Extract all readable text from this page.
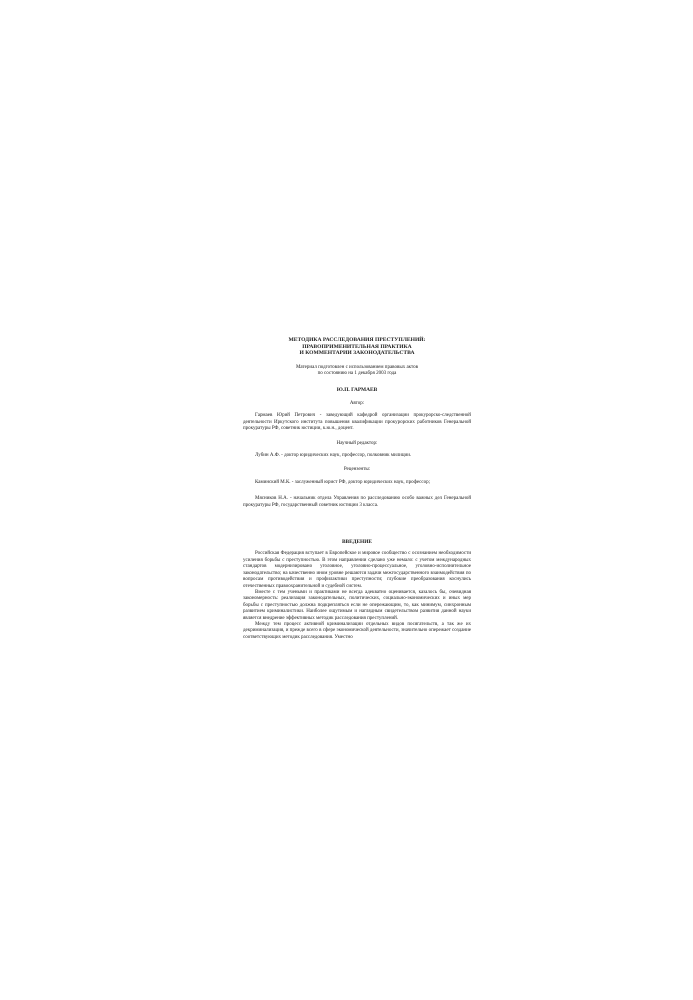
МЕТОДИКА РАССЛЕДОВАНИЯ ПРЕСТУПЛЕНИЙ:
ПРАВОПРИМЕНИТЕЛЬНАЯ ПРАКТИКА
И КОММЕНТАРИИ ЗАКОНОДАТЕЛЬСТВА

Материал подготовлен с использованием правовых актов
по состоянию на 1 декабря 2003 года

Ю.П. ГАРМАЕВ

Автор:

Гармаев Юрий Петрович - заведующий кафедрой организации прокурорско-следственной деятельности Иркутского института повышения квалификации прокурорских работников Генеральной прокуратуры РФ, советник юстиции, к.ю.н., доцент.

Научный редактор:

Лубин А.Ф. - доктор юридических наук, профессор, полковник милиции.

Рецензенты:

Каминский М.К. - заслуженный юрист РФ, доктор юридических наук, профессор;

Мясников Н.А. - начальник отдела Управления по расследованию особо важных дел Генеральной прокуратуры РФ, государственный советник юстиции 3 класса.

ВВЕДЕНИЕ

Российская Федерация вступает в Европейское и мировое сообщество с осознанием необходимости усиления борьбы с преступностью. В этом направлении сделано уже немало: с учетом международных стандартов модернизировано уголовное, уголовно-процессуальное, уголовно-исполнительное законодательство; на качественно ином уровне решаются задачи межгосударственного взаимодействия по вопросам противодействия и профилактики преступности; глубокие преобразования коснулись отечественных правоохранительной и судебной систем.

Вместе с тем учеными и практиками не всегда адекватно оценивается, казалось бы, очевидная закономерность: реализация законодательных, политических, социально-экономических и иных мер борьбы с преступностью должна подкрепляться если не опережающим, то, как минимум, синхронным развитием криминалистики. Наиболее ощутимым и наглядным свидетельством развития данной науки является внедрение эффективных методик расследования преступлений.

Между тем процесс активной криминализации отдельных видов посягательств, а так же их декриминализация, и прежде всего в сфере экономической деятельности, значительно опережает создание соответствующих методик расследования. Уместно
